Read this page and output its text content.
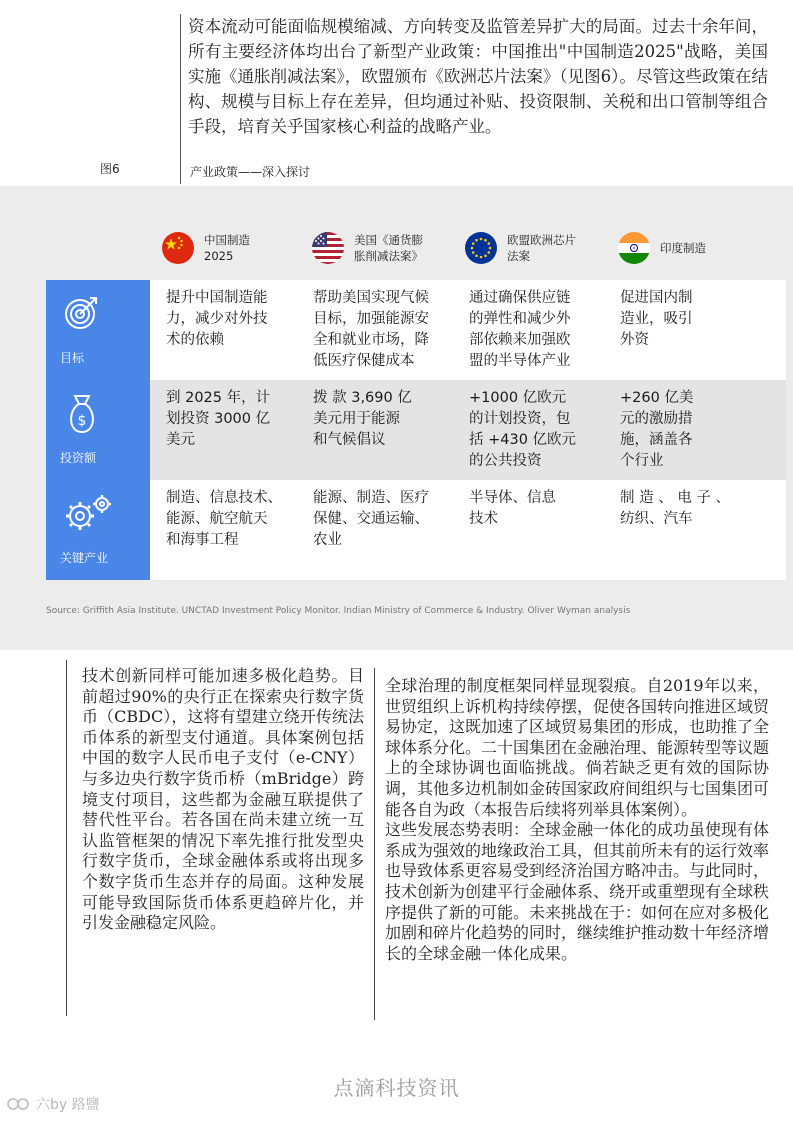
资本流动可能面临规模缩减、方向转变及监管差异扩大的局面。过去十余年间，所有主要经济体均出台了新型产业政策：中国推出"中国制造2025"战略，美国实施《通胀削减法案》，欧盟颁布《欧洲芯片法案》（见图6）。尽管这些政策在结构、规模与目标上存在差异，但均通过补贴、投资限制、关税和出口管制等组合手段，培育关乎国家核心利益的战略产业。
图6	产业政策——深入探讨
中国制造
2025
美国《通货膨
胀削减法案》
欧盟欧洲芯片
法案
印度制造
目标
提升中国制造能
力，减少对外技
术的依赖
帮助美国实现气候
目标，加强能源安
全和就业市场，降
低医疗保健成本
通过确保供应链
的弹性和减少外
部依赖来加强欧
盟的半导体产业
促进国内制
造业，吸引
外资
$
投资额
到 2025 年，计
划投资 3000 亿
美元
拨 款 3,690 亿
美元用于能源
和气候倡议
+1000 亿欧元
的计划投资，包
括 +430 亿欧元
的公共投资
+260 亿美
元的激励措
施，涵盖各
个行业
关键产业
制造、信息技术、
能源、航空航天
和海事工程
能源、制造、医疗
保健、交通运输、
农业
半导体、信息
技术
制 造 、 电 子 、
纺织、汽车
Source: Griffith Asia Institute. UNCTAD Investment Policy Monitor. Indian Ministry of Commerce & Industry. Oliver Wyman analysis

技术创新同样可能加速多极化趋势。目前超过90%的央行正在探索央行数字货币（CBDC），这将有望建立绕开传统法币体系的新型支付通道。具体案例包括中国的数字人民币电子支付（e-CNY）与多边央行数字货币桥（mBridge）跨境支付项目，这些都为金融互联提供了替代性平台。若各国在尚未建立统一互认监管框架的情况下率先推行批发型央行数字货币，全球金融体系或将出现多个数字货币生态并存的局面。这种发展可能导致国际货币体系更趋碎片化，并引发金融稳定风险。

全球治理的制度框架同样显现裂痕。自2019年以来，世贸组织上诉机构持续停摆，促使各国转向推进区域贸易协定，这既加速了区域贸易集团的形成，也助推了全球体系分化。二十国集团在金融治理、能源转型等议题上的全球协调也面临挑战。倘若缺乏更有效的国际协调，其他多边机制如金砖国家政府间组织与七国集团可能各自为政（本报告后续将列举具体案例）。

这些发展态势表明：全球金融一体化的成功虽使现有体系成为强效的地缘政治工具，但其前所未有的运行效率也导致体系更容易受到经济治国方略冲击。与此同时，技术创新为创建平行金融体系、绕开或重塑现有全球秩序提供了新的可能。未来挑战在于：如何在应对多极化加剧和碎片化趋势的同时，继续维护推动数十年经济增长的全球金融一体化成果。

点滴科技资讯
六by 路鹽
